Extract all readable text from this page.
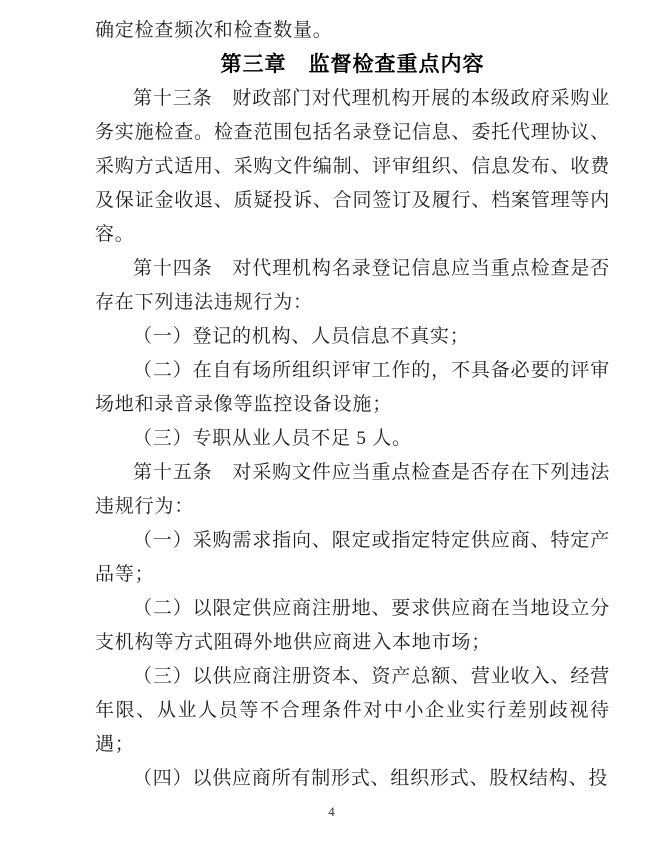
确定检查频次和检查数量。

第三章　监督检查重点内容

第十三条　财政部门对代理机构开展的本级政府采购业务实施检查。检查范围包括名录登记信息、委托代理协议、采购方式适用、采购文件编制、评审组织、信息发布、收费及保证金收退、质疑投诉、合同签订及履行、档案管理等内容。

第十四条　对代理机构名录登记信息应当重点检查是否存在下列违法违规行为：

（一）登记的机构、人员信息不真实；

（二）在自有场所组织评审工作的，不具备必要的评审场地和录音录像等监控设备设施；

（三）专职从业人员不足 5 人。

第十五条　对采购文件应当重点检查是否存在下列违法违规行为：

（一）采购需求指向、限定或指定特定供应商、特定产品等；

（二）以限定供应商注册地、要求供应商在当地设立分支机构等方式阻碍外地供应商进入本地市场；

（三）以供应商注册资本、资产总额、营业收入、经营年限、从业人员等不合理条件对中小企业实行差别歧视待遇；

（四）以供应商所有制形式、组织形式、股权结构、投

4
